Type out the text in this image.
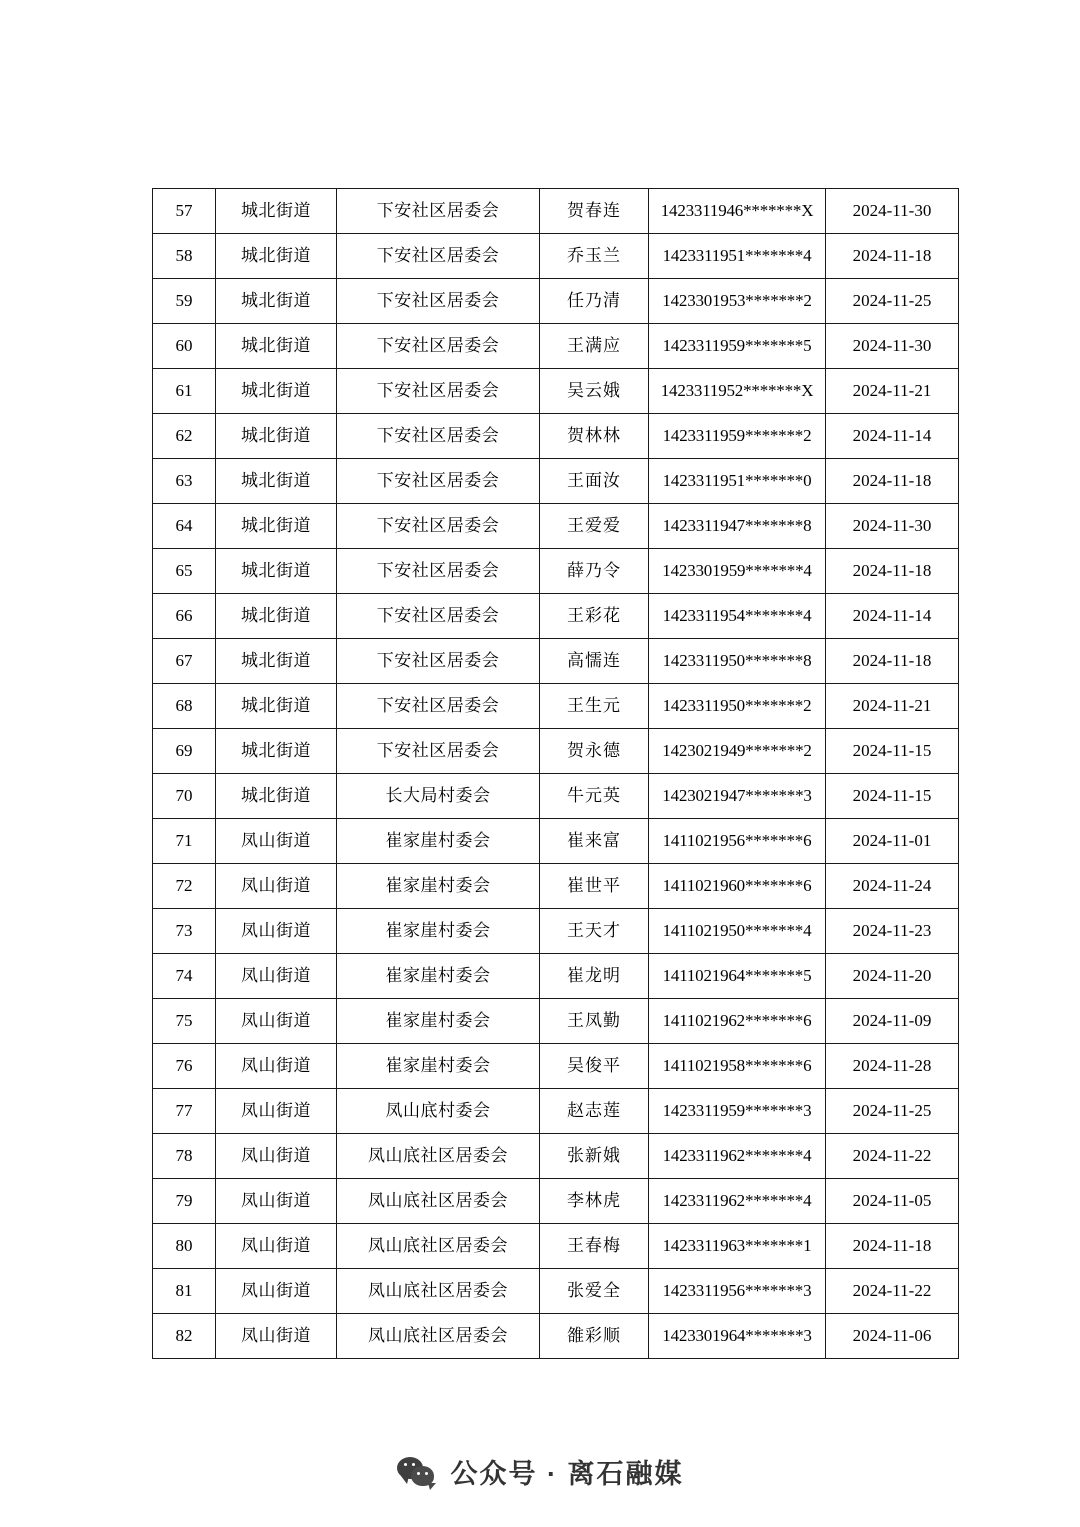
57	城北街道	下安社区居委会	贺春连	1423311946*******X	2024-11-30
58	城北街道	下安社区居委会	乔玉兰	1423311951*******4	2024-11-18
59	城北街道	下安社区居委会	任乃清	1423301953*******2	2024-11-25
60	城北街道	下安社区居委会	王满应	1423311959*******5	2024-11-30
61	城北街道	下安社区居委会	吴云娥	1423311952*******X	2024-11-21
62	城北街道	下安社区居委会	贺林林	1423311959*******2	2024-11-14
63	城北街道	下安社区居委会	王面汝	1423311951*******0	2024-11-18
64	城北街道	下安社区居委会	王爱爱	1423311947*******8	2024-11-30
65	城北街道	下安社区居委会	薛乃令	1423301959*******4	2024-11-18
66	城北街道	下安社区居委会	王彩花	1423311954*******4	2024-11-14
67	城北街道	下安社区居委会	高懦连	1423311950*******8	2024-11-18
68	城北街道	下安社区居委会	王生元	1423311950*******2	2024-11-21
69	城北街道	下安社区居委会	贺永德	1423021949*******2	2024-11-15
70	城北街道	长大局村委会	牛元英	1423021947*******3	2024-11-15
71	凤山街道	崔家崖村委会	崔来富	1411021956*******6	2024-11-01
72	凤山街道	崔家崖村委会	崔世平	1411021960*******6	2024-11-24
73	凤山街道	崔家崖村委会	王天才	1411021950*******4	2024-11-23
74	凤山街道	崔家崖村委会	崔龙明	1411021964*******5	2024-11-20
75	凤山街道	崔家崖村委会	王凤勤	1411021962*******6	2024-11-09
76	凤山街道	崔家崖村委会	吴俊平	1411021958*******6	2024-11-28
77	凤山街道	凤山底村委会	赵志莲	1423311959*******3	2024-11-25
78	凤山街道	凤山底社区居委会	张新娥	1423311962*******4	2024-11-22
79	凤山街道	凤山底社区居委会	李林虎	1423311962*******4	2024-11-05
80	凤山街道	凤山底社区居委会	王春梅	1423311963*******1	2024-11-18
81	凤山街道	凤山底社区居委会	张爱全	1423311956*******3	2024-11-22
82	凤山街道	凤山底社区居委会	雒彩顺	1423301964*******3	2024-11-06
公众号 · 离石融媒
